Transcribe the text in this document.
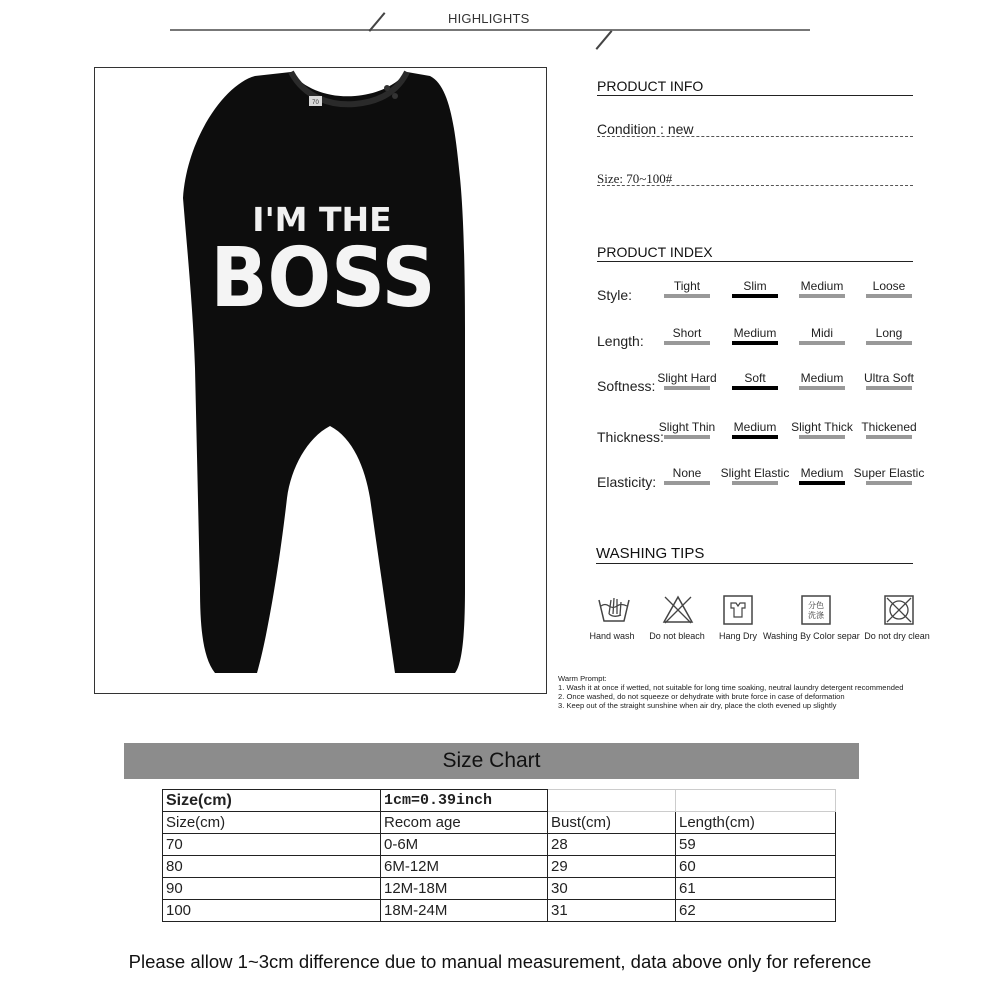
HIGHLIGHTS
70
I'M THE
BOSS
PRODUCT INFO
Condition : new
Size: 70~100#
PRODUCT INDEX
Style:
Tight	Slim	Medium	Loose
Length:	Short	Medium	Midi	Long
Softness: Slight Hard	Soft	Medium	Ultra Soft
Thickness:
Slight Thin	Medium	Slight Thick Thickened
Elasticity:
None	Slight Elastic Medium Super Elastic
WASHING TIPS
分色
洗涤
Hand wash	Do not bleach	Hang Dry Washing By Color separ Do not dry clean
Warm Prompt:
1. Wash it at once if wetted, not suitable for long time soaking, neutral laundry detergent recommended
2. Once washed, do not squeeze or dehydrate with brute force in case of deformation
3. Keep out of the straight sunshine when air dry, place the cloth evened up slightly
Size Chart
Size(cm)	1cm=0.39inch		
Size(cm)	Recom age	Bust(cm)	Length(cm)
70	0-6M	28	59
80	6M-12M	29	60
90	12M-18M	30	61
100	18M-24M	31	62
Please allow 1~3cm difference due to manual measurement, data above only for reference
